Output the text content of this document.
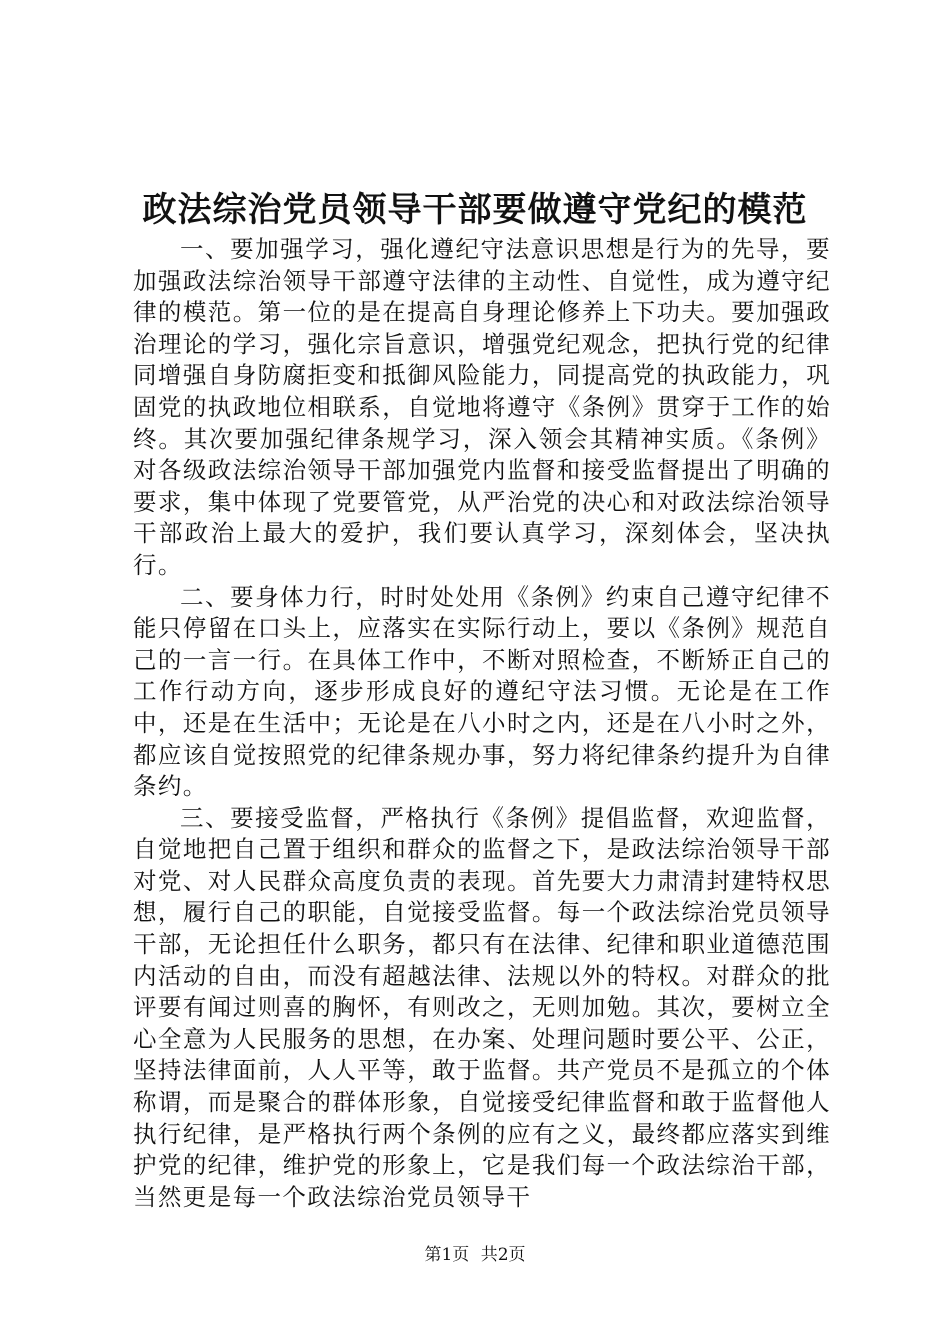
政法综治党员领导干部要做遵守党纪的模范

一、要加强学习，强化遵纪守法意识思想是行为的先导，要加强政法综治领导干部遵守法律的主动性、自觉性，成为遵守纪律的模范。第一位的是在提高自身理论修养上下功夫。要加强政治理论的学习，强化宗旨意识，增强党纪观念，把执行党的纪律同增强自身防腐拒变和抵御风险能力，同提高党的执政能力，巩固党的执政地位相联系，自觉地将遵守《条例》贯穿于工作的始终。其次要加强纪律条规学习，深入领会其精神实质。《条例》对各级政法综治领导干部加强党内监督和接受监督提出了明确的要求，集中体现了党要管党，从严治党的决心和对政法综治领导干部政治上最大的爱护，我们要认真学习，深刻体会，坚决执行。

二、要身体力行，时时处处用《条例》约束自己遵守纪律不能只停留在口头上，应落实在实际行动上，要以《条例》规范自己的一言一行。在具体工作中，不断对照检查，不断矫正自己的工作行动方向，逐步形成良好的遵纪守法习惯。无论是在工作中，还是在生活中；无论是在八小时之内，还是在八小时之外，都应该自觉按照党的纪律条规办事，努力将纪律条约提升为自律条约。

三、要接受监督，严格执行《条例》提倡监督，欢迎监督，自觉地把自己置于组织和群众的监督之下，是政法综治领导干部对党、对人民群众高度负责的表现。首先要大力肃清封建特权思想，履行自己的职能，自觉接受监督。每一个政法综治党员领导干部，无论担任什么职务，都只有在法律、纪律和职业道德范围内活动的自由，而没有超越法律、法规以外的特权。对群众的批评要有闻过则喜的胸怀，有则改之，无则加勉。其次，要树立全心全意为人民服务的思想，在办案、处理问题时要公平、公正，坚持法律面前，人人平等，敢于监督。共产党员不是孤立的个体称谓，而是聚合的群体形象，自觉接受纪律监督和敢于监督他人执行纪律，是严格执行两个条例的应有之义，最终都应落实到维护党的纪律，维护党的形象上，它是我们每一个政法综治干部，当然更是每一个政法综治党员领导干

第1页 共2页
